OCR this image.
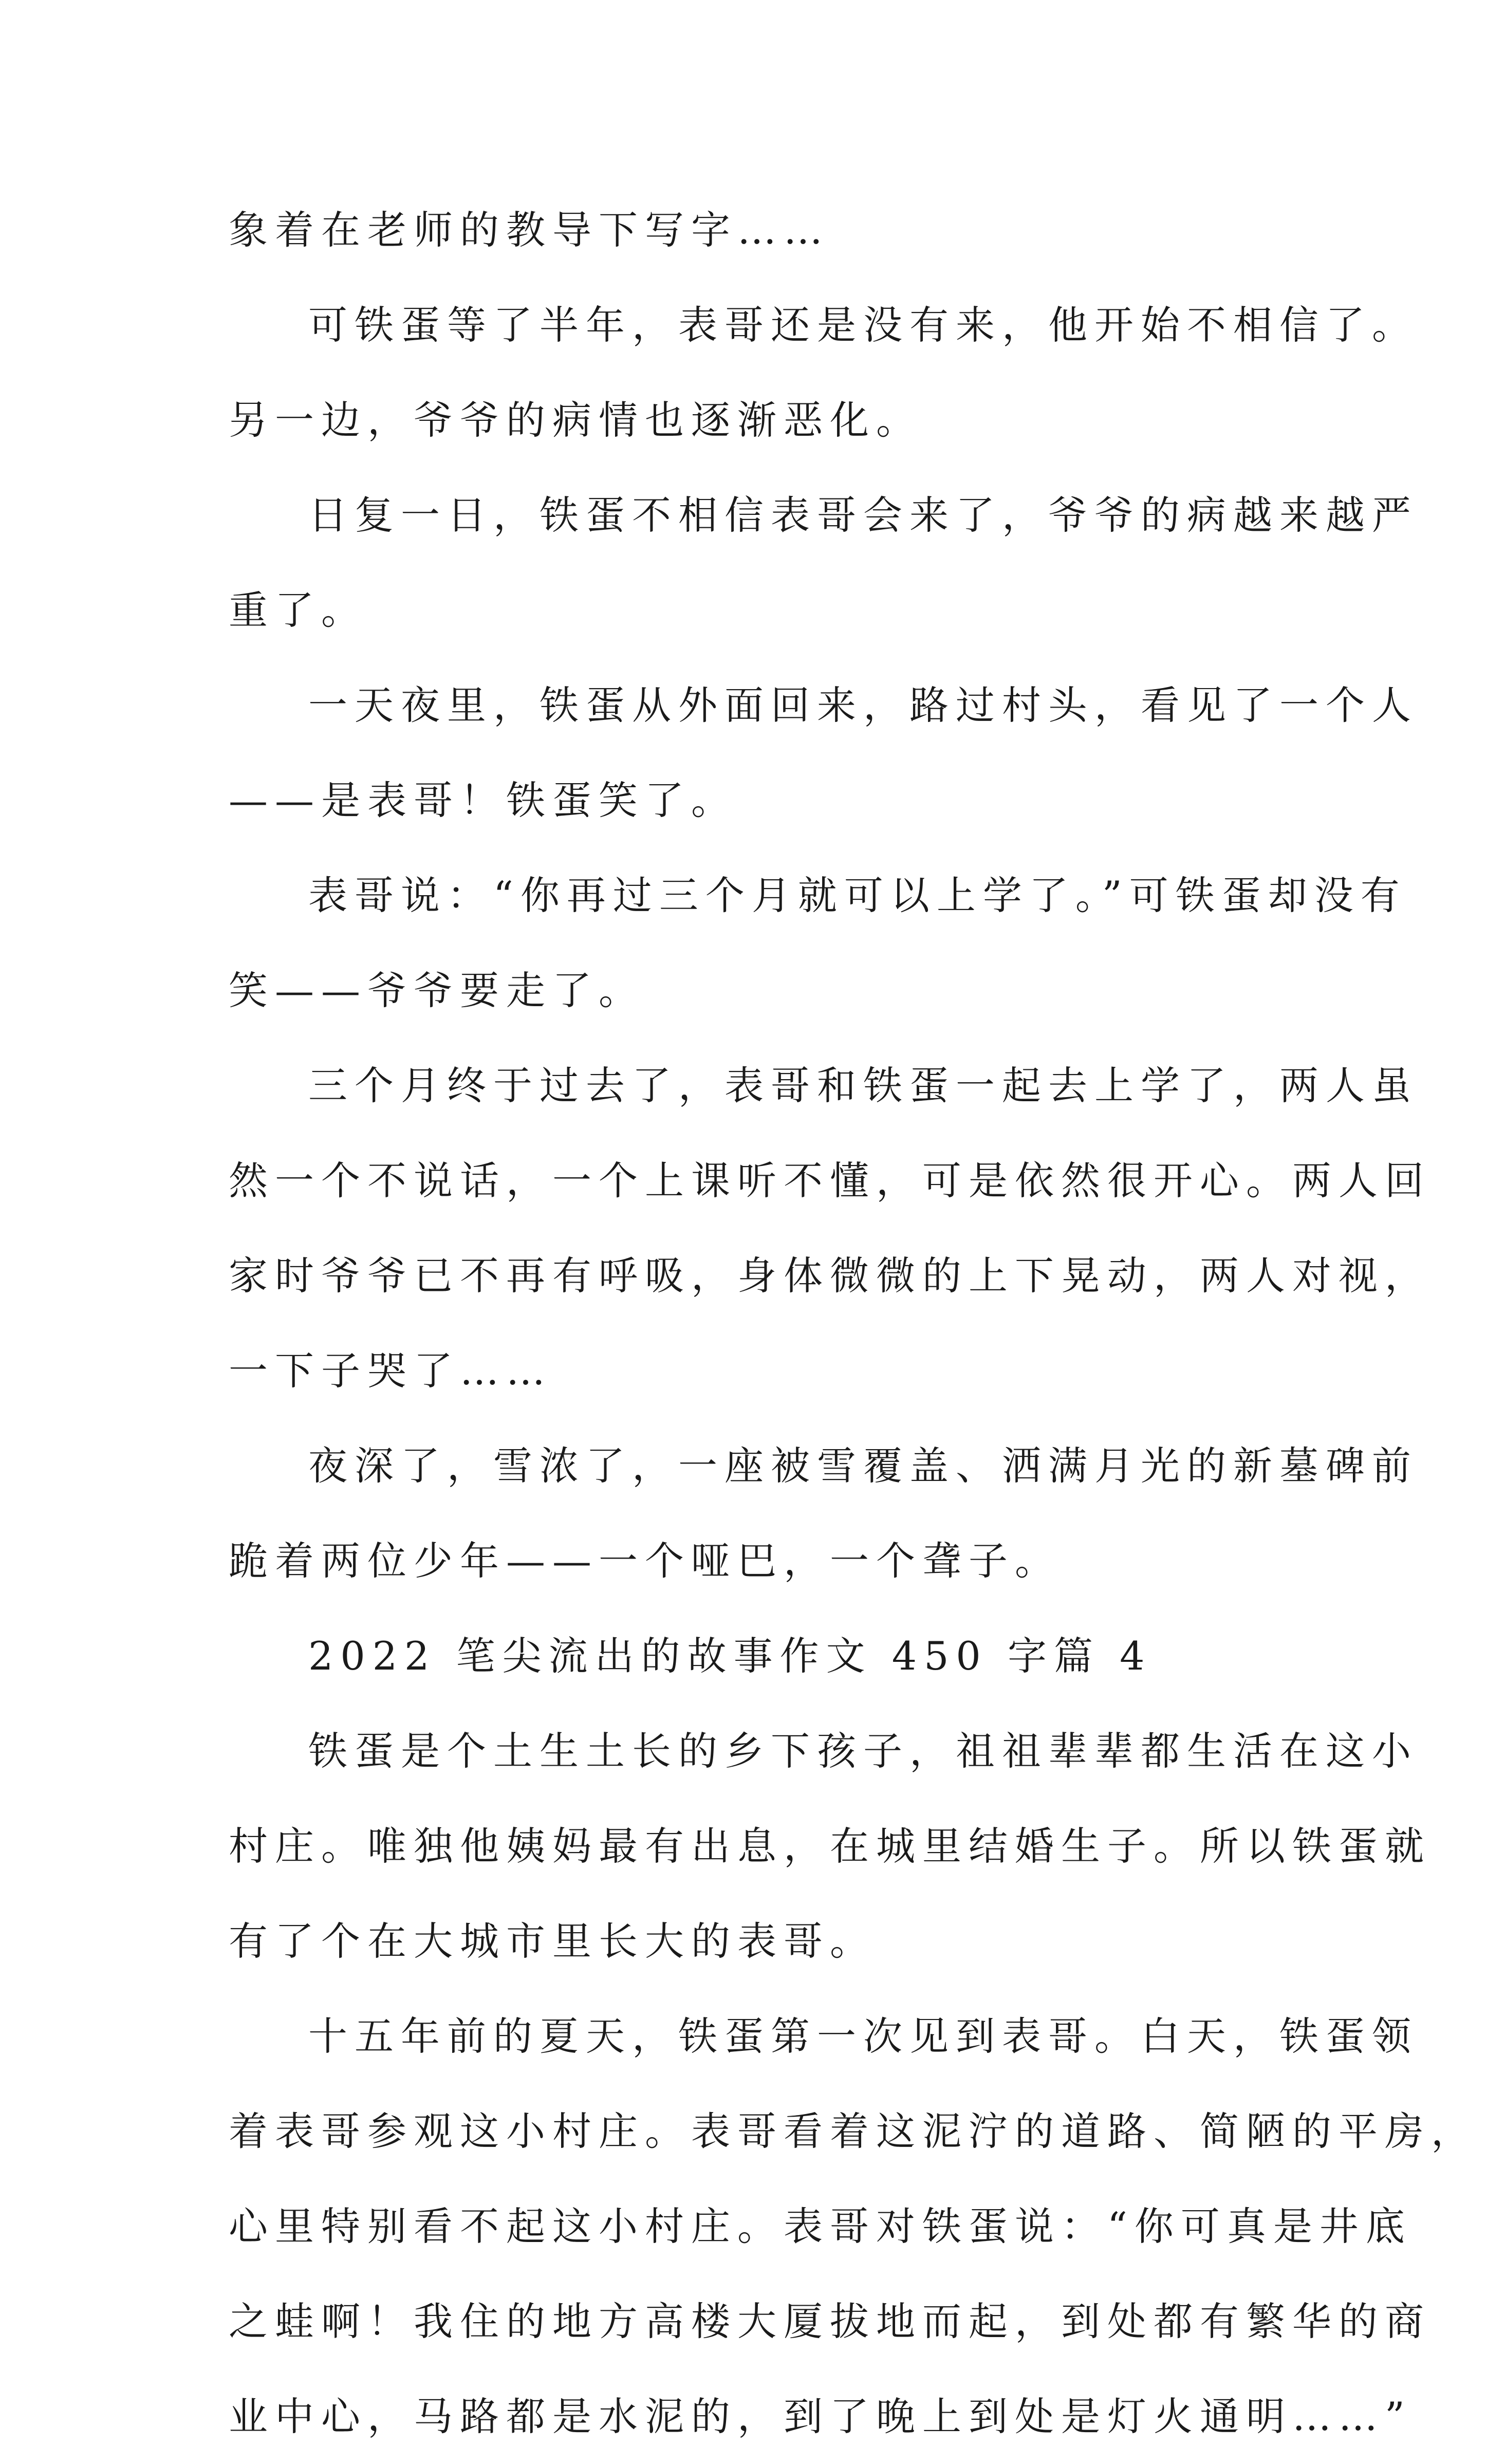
象着在老师的教导下写字……
可铁蛋等了半年，表哥还是没有来，他开始不相信了。
另一边，爷爷的病情也逐渐恶化。
日复一日，铁蛋不相信表哥会来了，爷爷的病越来越严
重了。
一天夜里，铁蛋从外面回来，路过村头，看见了一个人
——是表哥！铁蛋笑了。
表哥说：“你再过三个月就可以上学了。”可铁蛋却没有
笑——爷爷要走了。
三个月终于过去了，表哥和铁蛋一起去上学了，两人虽
然一个不说话，一个上课听不懂，可是依然很开心。两人回
家时爷爷已不再有呼吸，身体微微的上下晃动，两人对视，
一下子哭了……
夜深了，雪浓了，一座被雪覆盖、洒满月光的新墓碑前
跪着两位少年——一个哑巴，一个聋子。
2022 笔尖流出的故事作文 450 字篇 4
铁蛋是个土生土长的乡下孩子，祖祖辈辈都生活在这小
村庄。唯独他姨妈最有出息，在城里结婚生子。所以铁蛋就
有了个在大城市里长大的表哥。
十五年前的夏天，铁蛋第一次见到表哥。白天，铁蛋领
着表哥参观这小村庄。表哥看着这泥泞的道路、简陋的平房，
心里特别看不起这小村庄。表哥对铁蛋说：“你可真是井底
之蛙啊！我住的地方高楼大厦拔地而起，到处都有繁华的商
业中心，马路都是水泥的，到了晚上到处是灯火通明……”
